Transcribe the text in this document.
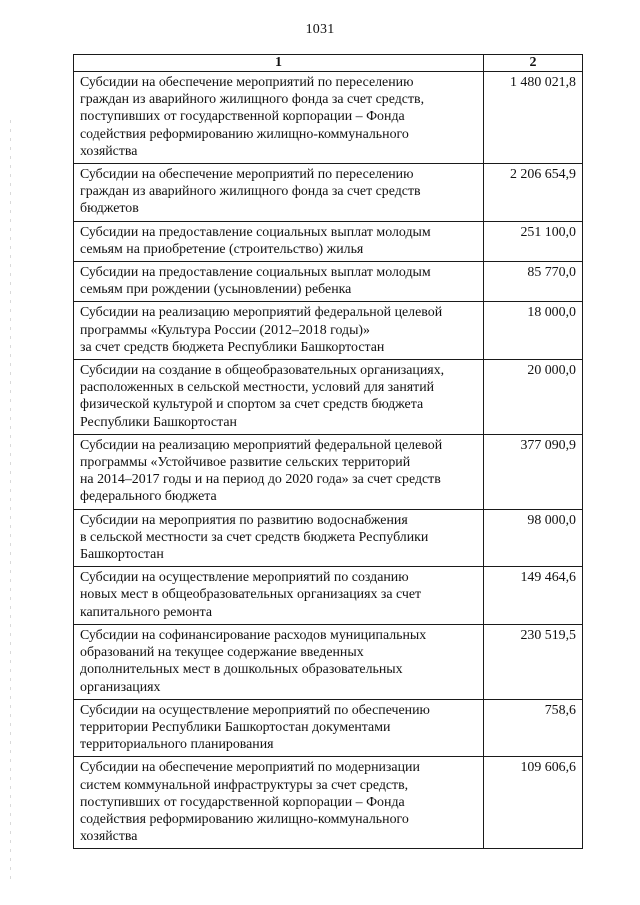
1031
1	2

Субсидии на обеспечение мероприятий по переселению
граждан из аварийного жилищного фонда за счет средств,
поступивших от государственной корпорации – Фонда
содействия реформированию жилищно-коммунального
хозяйства	1 480 021,8

Субсидии на обеспечение мероприятий по переселению
граждан из аварийного жилищного фонда за счет средств
бюджетов	2 206 654,9

Субсидии на предоставление социальных выплат молодым
семьям на приобретение (строительство) жилья	251 100,0

Субсидии на предоставление социальных выплат молодым
семьям при рождении (усыновлении) ребенка	85 770,0

Субсидии на реализацию мероприятий федеральной целевой
программы «Культура России (2012–2018 годы)»
за счет средств бюджета Республики Башкортостан	18 000,0

Субсидии на создание в общеобразовательных организациях,
расположенных в сельской местности, условий для занятий
физической культурой и спортом за счет средств бюджета
Республики Башкортостан	20 000,0

Субсидии на реализацию мероприятий федеральной целевой
программы «Устойчивое развитие сельских территорий
на 2014–2017 годы и на период до 2020 года» за счет средств
федерального бюджета	377 090,9

Субсидии на мероприятия по развитию водоснабжения
в сельской местности за счет средств бюджета Республики
Башкортостан	98 000,0

Субсидии на осуществление мероприятий по созданию
новых мест в общеобразовательных организациях за счет
капитального ремонта	149 464,6

Субсидии на софинансирование расходов муниципальных
образований на текущее содержание введенных
дополнительных мест в дошкольных образовательных
организациях	230 519,5

Субсидии на осуществление мероприятий по обеспечению
территории Республики Башкортостан документами
территориального планирования	758,6

Субсидии на обеспечение мероприятий по модернизации
систем коммунальной инфраструктуры за счет средств,
поступивших от государственной корпорации – Фонда
содействия реформированию жилищно-коммунального
хозяйства	109 606,6
